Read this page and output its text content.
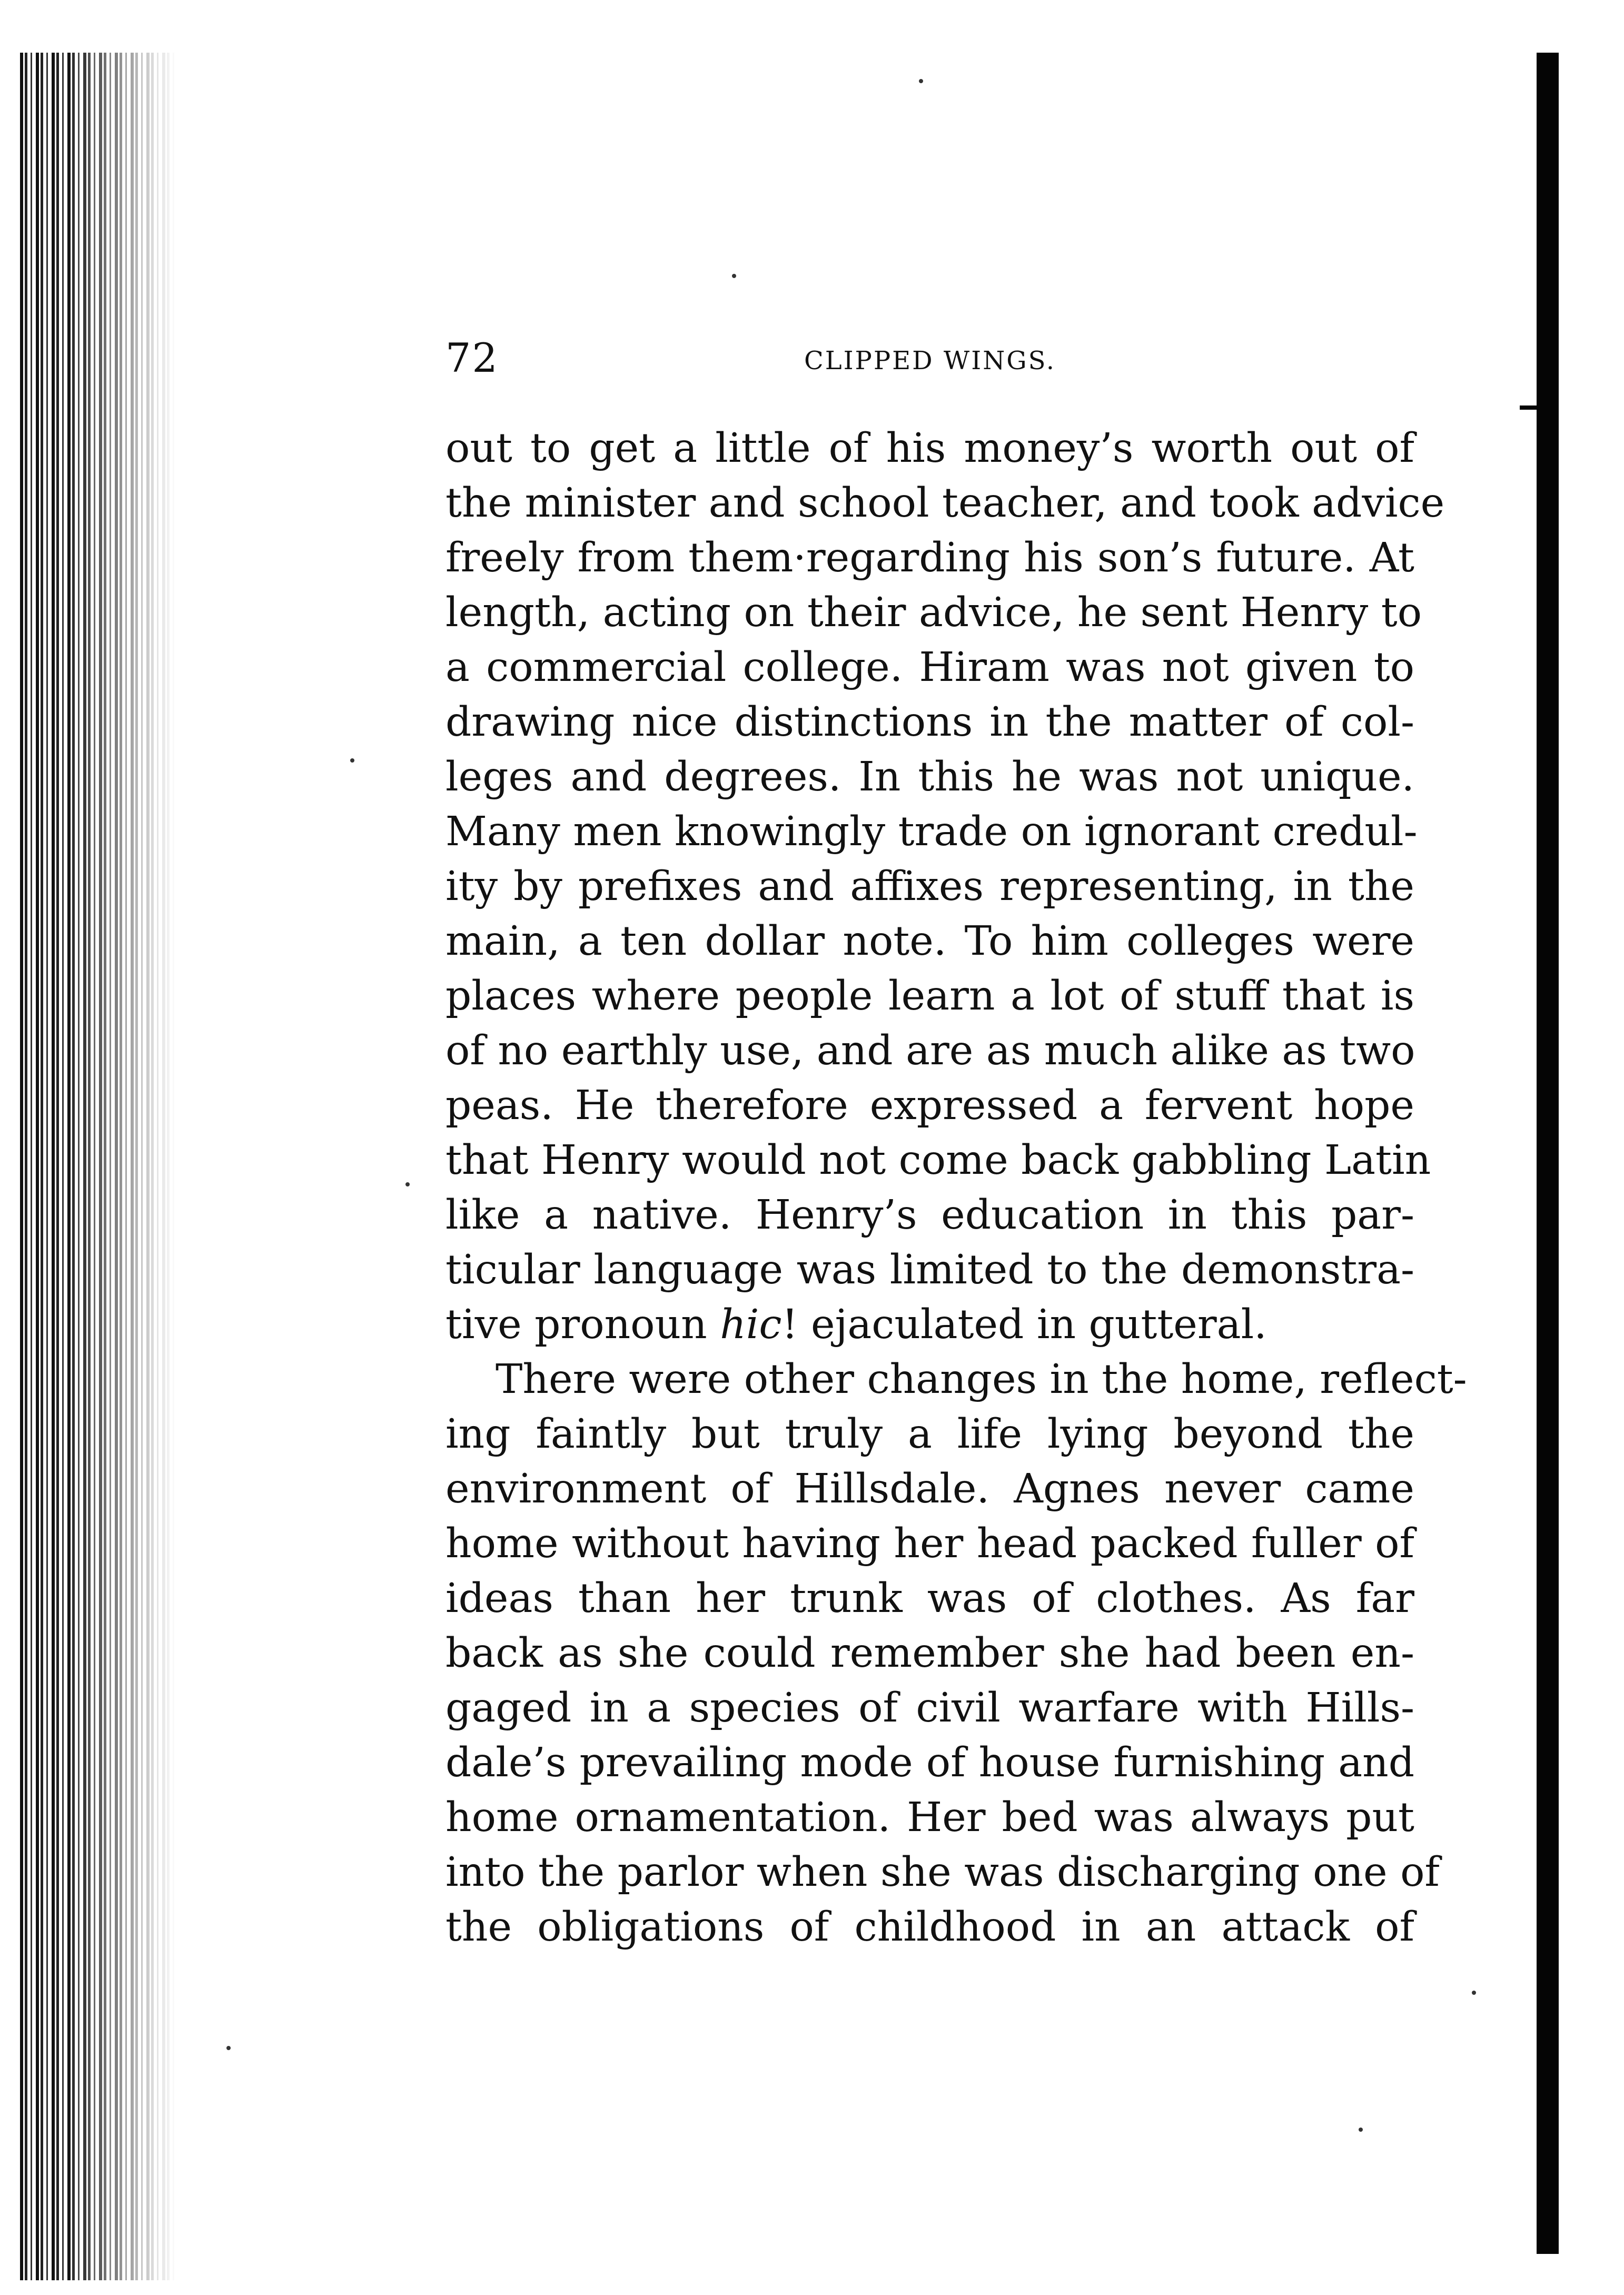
72	CLIPPED WINGS.
out to get a little of his money’s worth out of
the minister and school teacher, and took advice
freely from them·regarding his son’s future. At
length, acting on their advice, he sent Henry to
a commercial college. Hiram was not given to
drawing nice distinctions in the matter of col-
leges and degrees. In this he was not unique.
Many men knowingly trade on ignorant credul-
ity by prefixes and affixes representing, in the
main, a ten dollar note. To him colleges were
places where people learn a lot of stuff that is
of no earthly use, and are as much alike as two
peas. He therefore expressed a fervent hope
that Henry would not come back gabbling Latin
like a native. Henry’s education in this par-
ticular language was limited to the demonstra-
tive pronoun hic! ejaculated in gutteral.
There were other changes in the home, reflect-
ing faintly but truly a life lying beyond the
environment of Hillsdale. Agnes never came
home without having her head packed fuller of
ideas than her trunk was of clothes. As far
back as she could remember she had been en-
gaged in a species of civil warfare with Hills-
dale’s prevailing mode of house furnishing and
home ornamentation. Her bed was always put
into the parlor when she was discharging one of
the obligations of childhood in an attack of
